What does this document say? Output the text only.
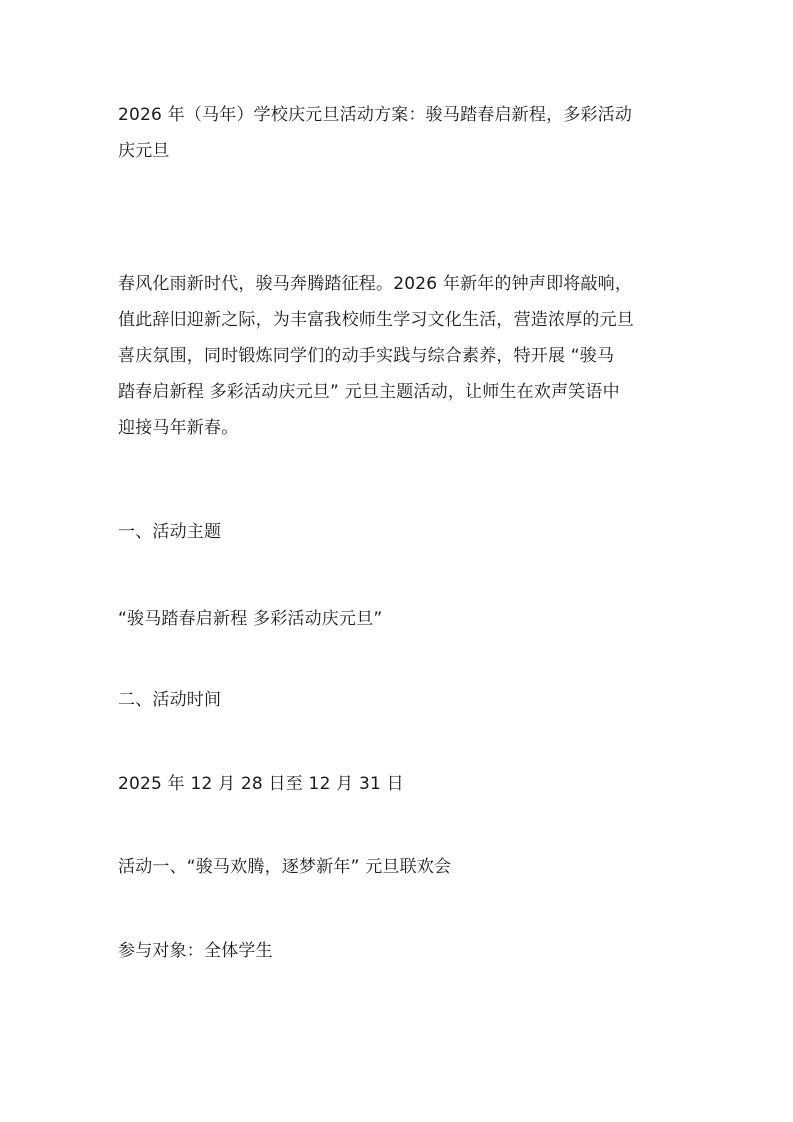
2026 年（马年）学校庆元旦活动方案：骏马踏春启新程，多彩活动
庆元旦

春风化雨新时代，骏马奔腾踏征程。2026 年新年的钟声即将敲响，
值此辞旧迎新之际，为丰富我校师生学习文化生活，营造浓厚的元旦
喜庆氛围，同时锻炼同学们的动手实践与综合素养，特开展 “骏马
踏春启新程 多彩活动庆元旦” 元旦主题活动，让师生在欢声笑语中
迎接马年新春。

一、活动主题

“骏马踏春启新程 多彩活动庆元旦”

二、活动时间

2025 年 12 月 28 日至 12 月 31 日

活动一、“骏马欢腾，逐梦新年” 元旦联欢会

参与对象：全体学生
